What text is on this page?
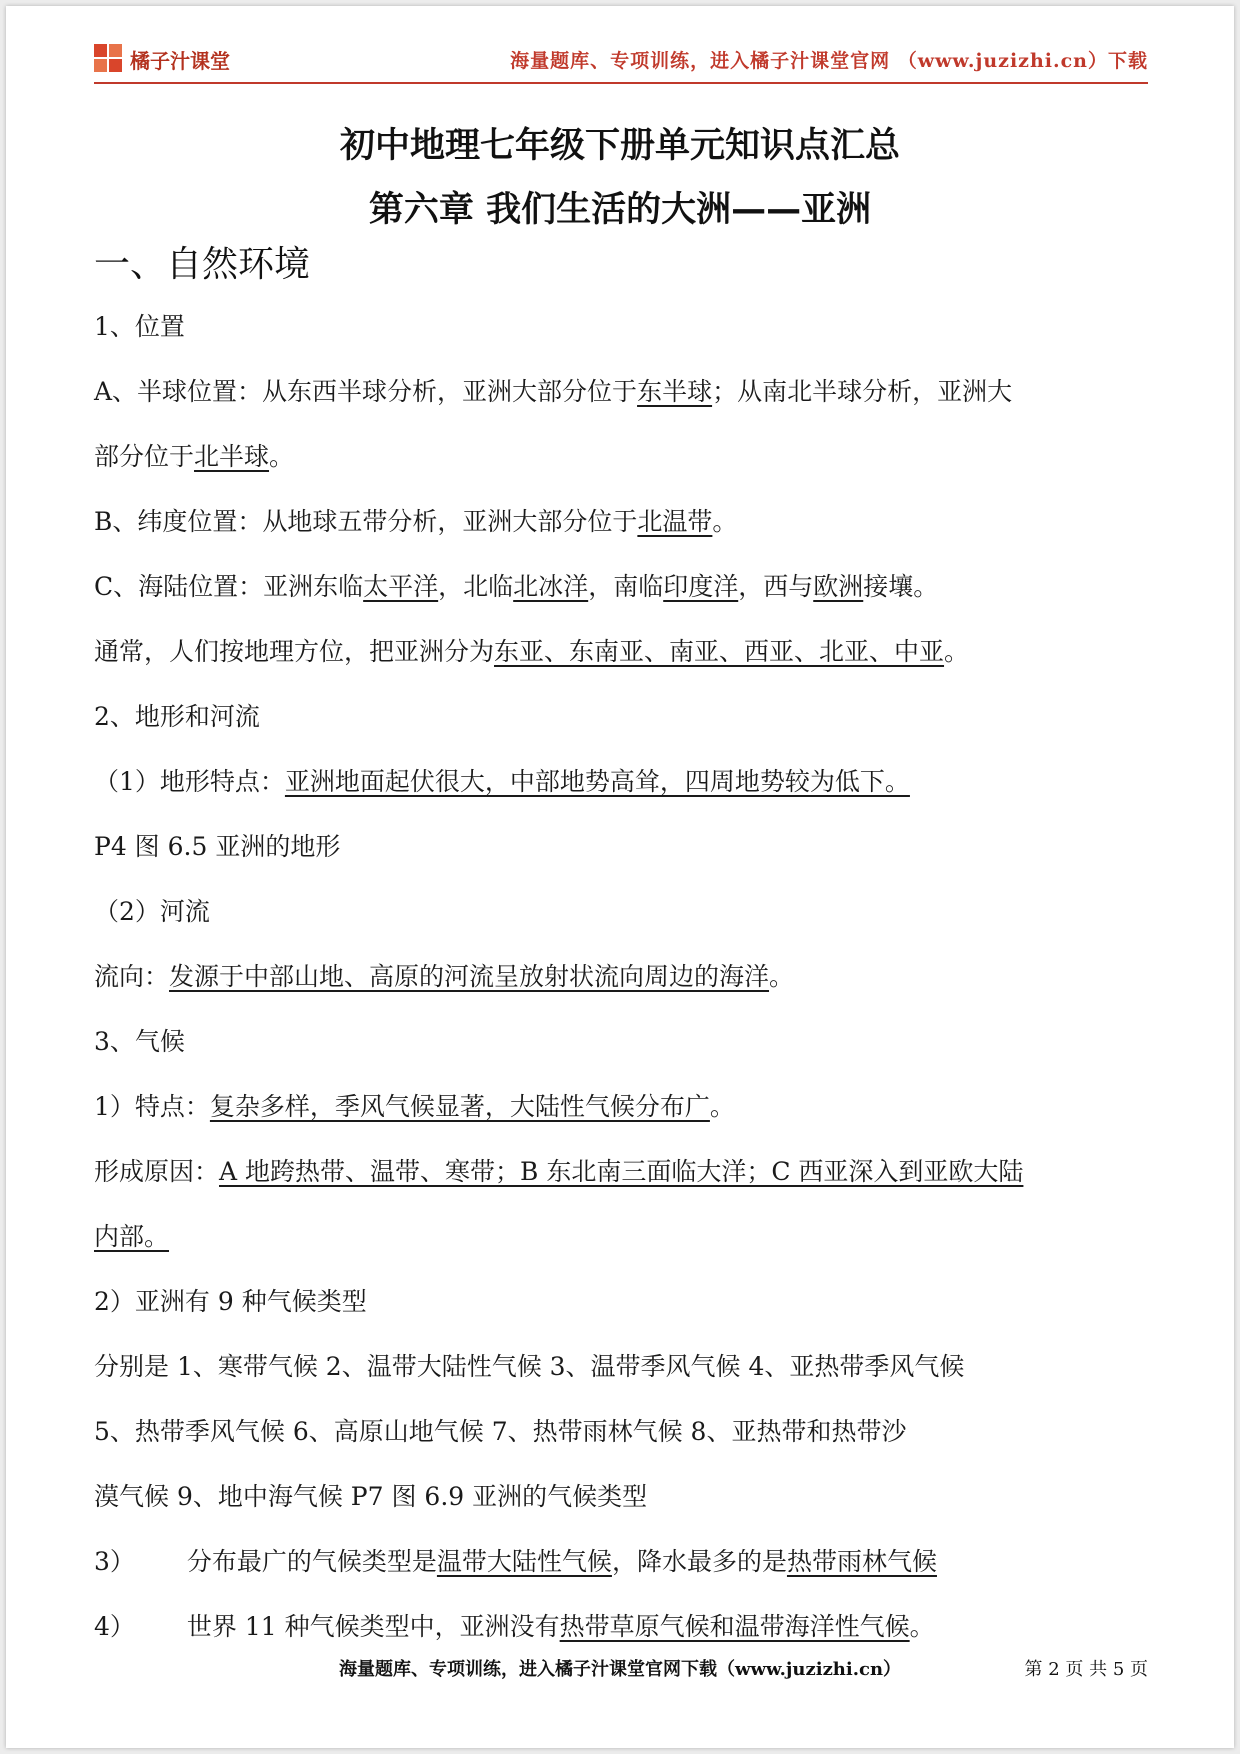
橘子汁课堂	海量题库、专项训练，进入橘子汁课堂官网 （www.juzizhi.cn）下载
初中地理七年级下册单元知识点汇总
第六章 我们生活的大洲——亚洲
一、自然环境
1、位置
A、半球位置：从东西半球分析，亚洲大部分位于东半球；从南北半球分析，亚洲大
部分位于北半球。
B、纬度位置：从地球五带分析，亚洲大部分位于北温带。
C、海陆位置：亚洲东临太平洋，北临北冰洋，南临印度洋，西与欧洲接壤。
通常，人们按地理方位，把亚洲分为东亚、东南亚、南亚、西亚、北亚、中亚。
2、地形和河流
（1）地形特点：亚洲地面起伏很大，中部地势高耸，四周地势较为低下。
P4 图 6.5 亚洲的地形
（2）河流
流向：发源于中部山地、高原的河流呈放射状流向周边的海洋。
3、气候
1）特点：复杂多样，季风气候显著，大陆性气候分布广。
形成原因：A 地跨热带、温带、寒带；B 东北南三面临大洋；C 西亚深入到亚欧大陆
内部。
2）亚洲有 9 种气候类型
分别是 1、寒带气候 2、温带大陆性气候 3、温带季风气候 4、亚热带季风气候
5、热带季风气候 6、高原山地气候 7、热带雨林气候 8、亚热带和热带沙
漠气候 9、地中海气候 P7 图 6.9 亚洲的气候类型
3） 分布最广的气候类型是温带大陆性气候，降水最多的是热带雨林气候
4） 世界 11 种气候类型中，亚洲没有热带草原气候和温带海洋性气候。
海量题库、专项训练，进入橘子汁课堂官网下载（www.juzizhi.cn）	第 2 页 共 5 页
